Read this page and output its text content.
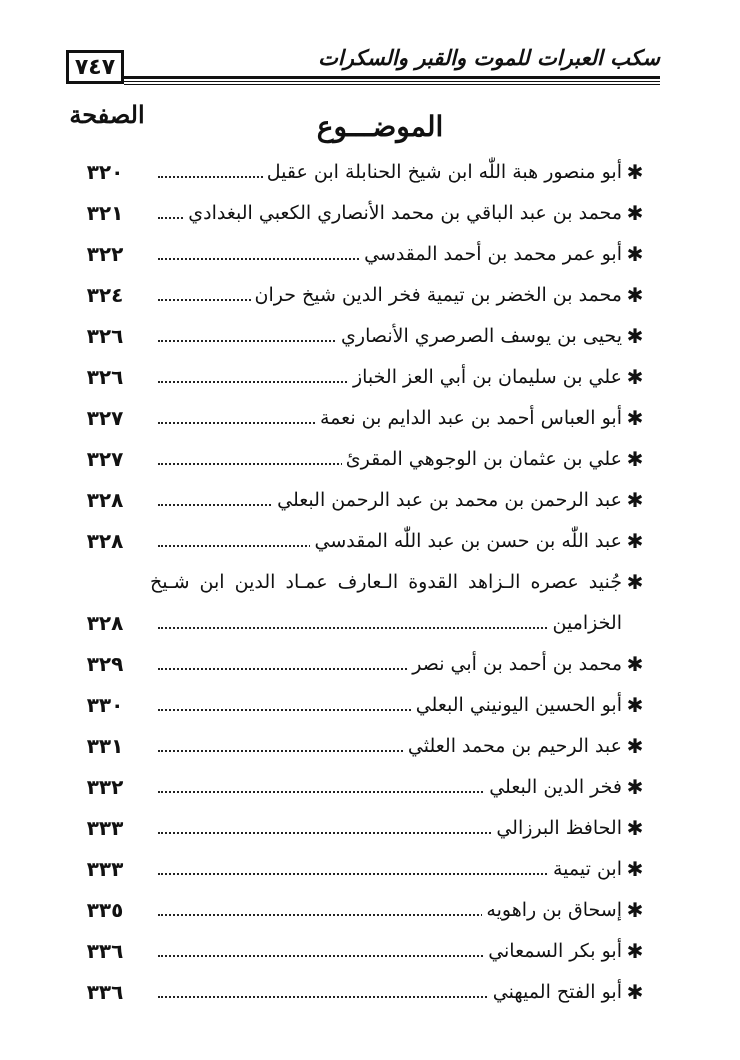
٧٤٧	سكب العبرات للموت والقبر والسكرات
الموضـــوع
الصفحة
✱
أبو منصور هبة اللّٰه ابن شيخ الحنابلة ابن عقيل
٣٢٠
✱
محمد بن عبد الباقي بن محمد الأنصاري الكعبي البغدادي
٣٢١
✱
أبو عمر محمد بن أحمد المقدسي
٣٢٢
✱
محمد بن الخضر بن تيمية فخر الدين شيخ حران
٣٢٤
✱
يحيى بن يوسف الصرصري الأنصاري
٣٢٦
✱
علي بن سليمان بن أبي العز الخباز
٣٢٦
✱
أبو العباس أحمد بن عبد الدايم بن نعمة
٣٢٧
✱
علي بن عثمان بن الوجوهي المقرئ
٣٢٧
✱
عبد الرحمن بن محمد بن عبد الرحمن البعلي
٣٢٨
✱
عبد اللّٰه بن حسن بن عبد اللّٰه المقدسي
٣٢٨
✱
جُنيد عصره الـزاهد القدوة الـعارف عمـاد الدين ابن شـيخ
الخزامين
٣٢٨
✱
محمد بن أحمد بن أبي نصر
٣٢٩
✱
أبو الحسين اليونيني البعلي
٣٣٠
✱
عبد الرحيم بن محمد العلثي
٣٣١
✱
فخر الدين البعلي
٣٣٢
✱
الحافظ البرزالي
٣٣٣
✱
ابن تيمية
٣٣٣
✱
إسحاق بن راهويه
٣٣٥
✱
أبو بكر السمعاني
٣٣٦
✱
أبو الفتح الميهني
٣٣٦
